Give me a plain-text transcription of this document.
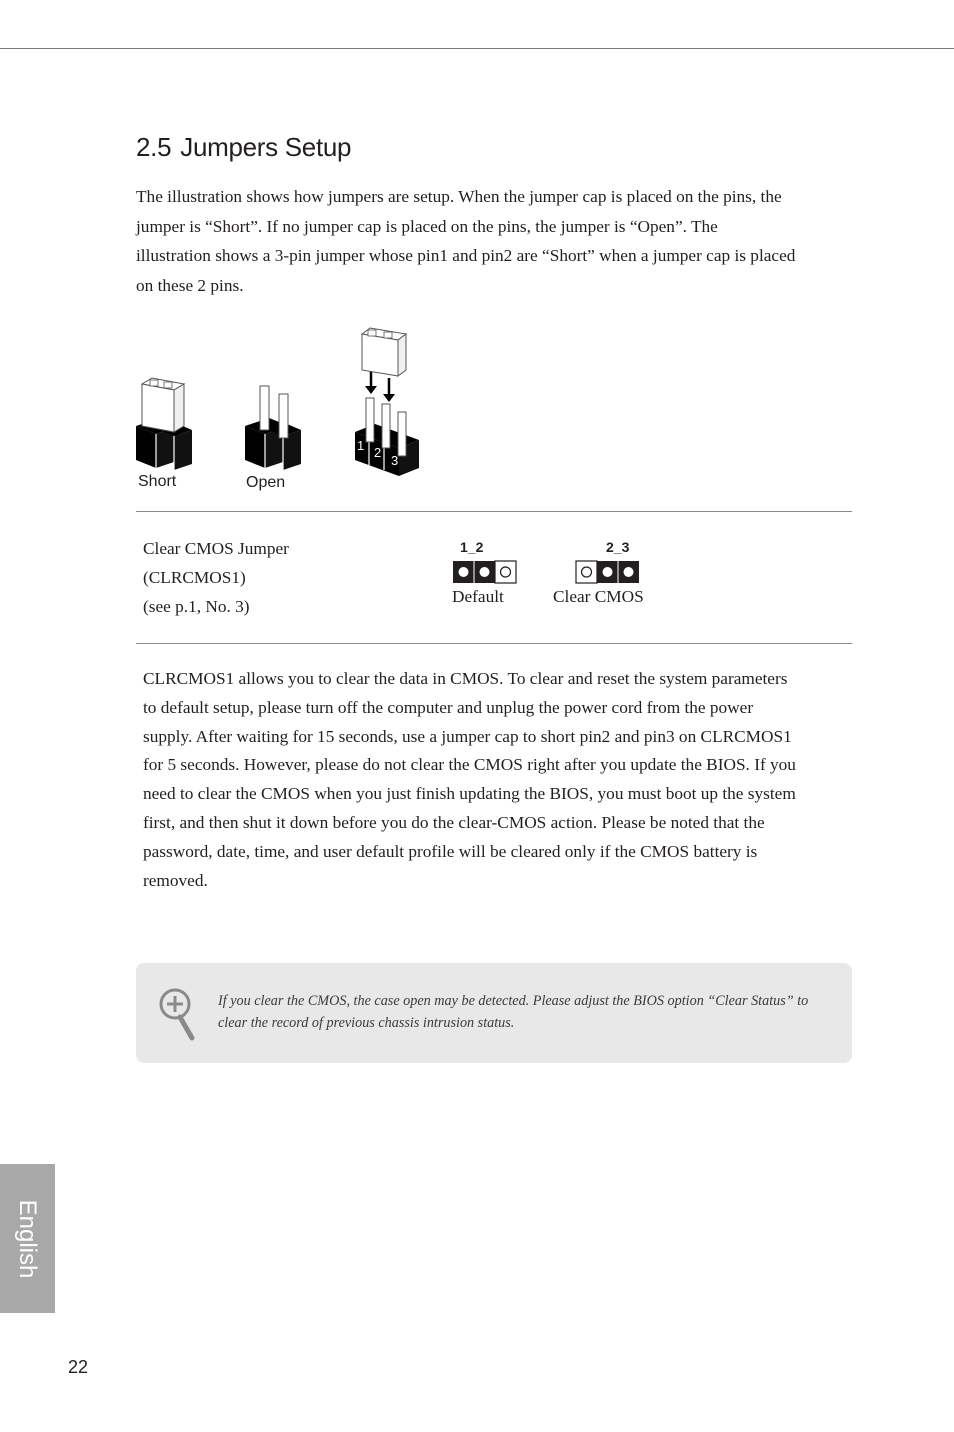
2.5 Jumpers Setup

The illustration shows how jumpers are setup. When the jumper cap is placed on the pins, the jumper is “Short”. If no jumper cap is placed on the pins, the jumper is “Open”. The illustration shows a 3-pin jumper whose pin1 and pin2 are “Short” when a jumper cap is placed on these 2 pins.

1 2
3
Short	Open
Clear CMOS Jumper
(CLRCMOS1)
(see p.1, No. 3)
1_2
Default
2_3
Clear CMOS

CLRCMOS1 allows you to clear the data in CMOS. To clear and reset the system parameters to default setup, please turn off the computer and unplug the power cord from the power supply. After waiting for 15 seconds, use a jumper cap to short pin2 and pin3 on CLRCMOS1 for 5 seconds. However, please do not clear the CMOS right after you update the BIOS. If you need to clear the CMOS when you just finish updating the BIOS, you must boot up the system first, and then shut it down before you do the clear-CMOS action. Please be noted that the password, date, time, and user default profile will be cleared only if the CMOS battery is removed.

If you clear the CMOS, the case open may be detected. Please adjust the BIOS option “Clear Status” to clear the record of previous chassis intrusion status.

English
22
